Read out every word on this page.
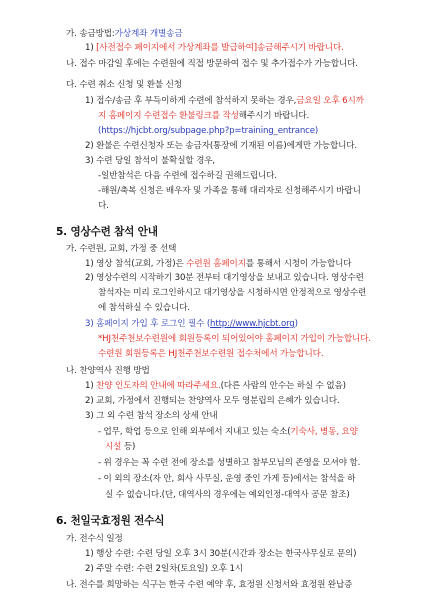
가. 송금방법:가상계좌 개별송금
1) [사전접수 페이지에서 가상계좌를 발급하여]송금해주시기 바랍니다.
나. 접수 마감일 후에는 수련원에 직접 방문하여 접수 및 추가접수가 가능합니다.
다. 수련 취소 신청 및 환불 신청
1) 접수/송금 후 부득이하게 수련에 참석하지 못하는 경우,금요일 오후 6시까
지 홈페이지 수련접수 환불링크를 작성해주시기 바랍니다.
(https://hjcbt.org/subpage.php?p=training_entrance)
2) 환불은 수련신청자 또는 송금자(통장에 기재된 이름)에게만 가능합니다.
3) 수련 당일 참석이 불확실할 경우,
-일반참석은 다음 수련에 접수하길 권해드립니다.
-해원/축복 신청은 배우자 및 가족을 통해 대리자로 신청해주시기 바랍니
다.
5. 영상수련 참석 안내
가. 수련원, 교회, 가정 중 선택
1) 영상 참석(교회, 가정)은 수련원 홈페이지를 통해서 시청이 가능합니다
2) 영상수련의 시작하기 30분 전부터 대기영상을 보내고 있습니다. 영상수련
참석자는 미리 로그인하시고 대기영상을 시청하시면 안정적으로 영상수련
에 참석하실 수 있습니다.
3) 홈페이지 가입 후 로그인 필수 (http://www.hjcbt.org)
*HJ천주천보수련원에 회원등록이 되어있어야 홈페이지 가입이 가능합니다.
수련원 회원등록은 HJ천주천보수련원 접수처에서 가능합니다.
나. 찬양역사 진행 방법
1) 찬양 인도자의 안내에 따라주세요.(다른 사람의 안수는 하실 수 없음)
2) 교회, 가정에서 진행되는 찬양역사 모두 영분립의 은혜가 있습니다.
3) 그 외 수련 참석 장소의 상세 안내
- 업무, 학업 등으로 인해 외부에서 지내고 있는 숙소(기숙사, 병동, 요양
시설 등)
- 위 경우는 꼭 수련 전에 장소를 성별하고 참부모님의 존영을 모셔야 함.
- 이 외의 장소(자 안, 회사 사무실, 운영 중인 가게 등)에서는 참석을 하
실 수 없습니다.(단, 대역사의 경우에는 예외인정-대역사 공문 참조)
6. 천일국효정원 전수식
가. 전수식 일정
1) 행상 수련: 수련 당일 오후 3시 30분(시간과 장소는 한국사무실로 문의)
2) 주말 수련: 수련 2일차(토요일) 오후 1시
나. 전수를 희망하는 식구는 한국 수련 예약 후, 효정원 신청서와 효정원 완납증
